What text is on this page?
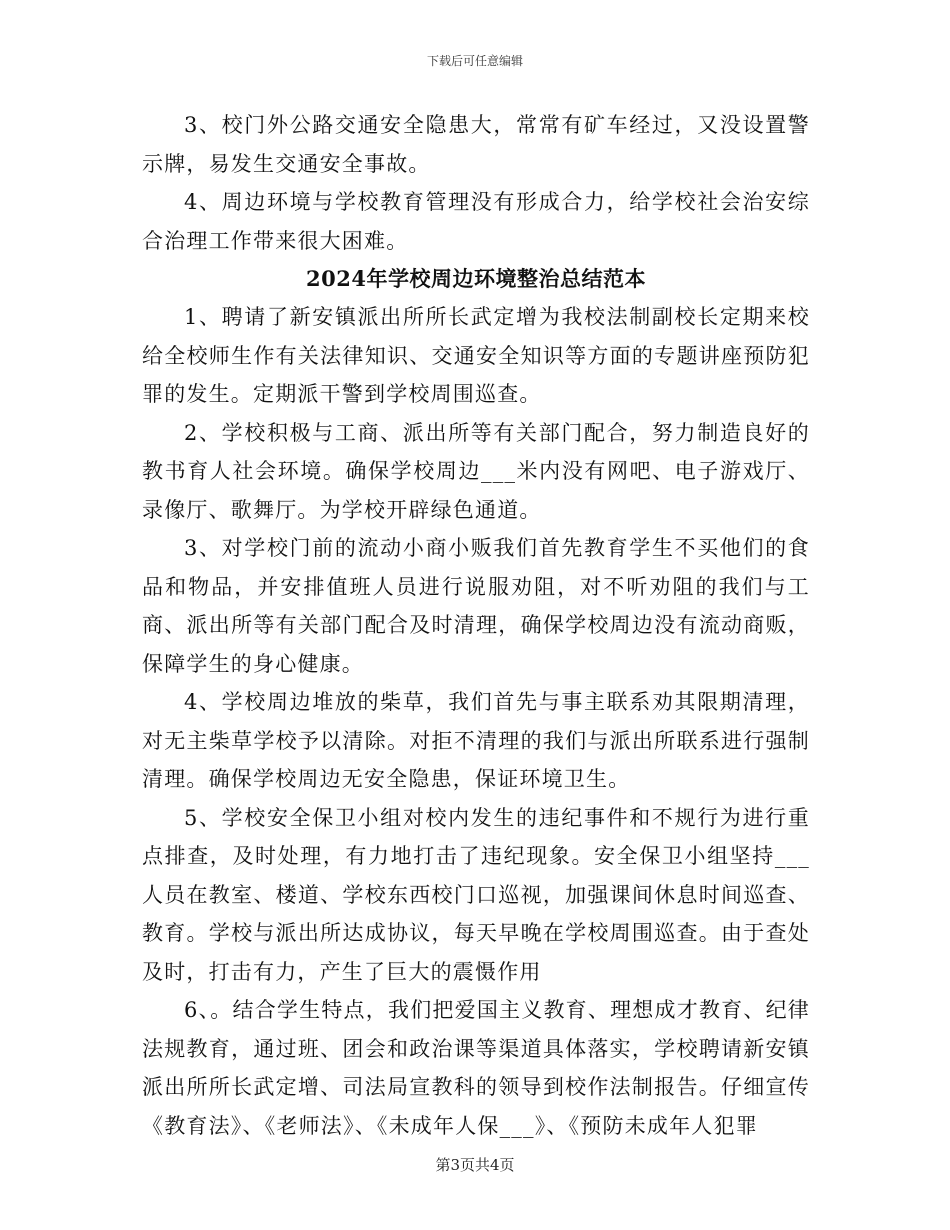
下载后可任意编辑

3、校门外公路交通安全隐患大，常常有矿车经过，又没设置警示牌，易发生交通安全事故。

4、周边环境与学校教育管理没有形成合力，给学校社会治安综合治理工作带来很大困难。

2024年学校周边环境整治总结范本

1、聘请了新安镇派出所所长武定增为我校法制副校长定期来校给全校师生作有关法律知识、交通安全知识等方面的专题讲座预防犯罪的发生。定期派干警到学校周围巡查。

2、学校积极与工商、派出所等有关部门配合，努力制造良好的教书育人社会环境。确保学校周边___米内没有网吧、电子游戏厅、录像厅、歌舞厅。为学校开辟绿色通道。

3、对学校门前的流动小商小贩我们首先教育学生不买他们的食品和物品，并安排值班人员进行说服劝阻，对不听劝阻的我们与工商、派出所等有关部门配合及时清理，确保学校周边没有流动商贩，保障学生的身心健康。

4、学校周边堆放的柴草，我们首先与事主联系劝其限期清理，对无主柴草学校予以清除。对拒不清理的我们与派出所联系进行强制清理。确保学校周边无安全隐患，保证环境卫生。

5、学校安全保卫小组对校内发生的违纪事件和不规行为进行重点排查，及时处理，有力地打击了违纪现象。安全保卫小组坚持___人员在教室、楼道、学校东西校门口巡视，加强课间休息时间巡查、教育。学校与派出所达成协议，每天早晚在学校周围巡查。由于查处及时，打击有力，产生了巨大的震慑作用

6、。结合学生特点，我们把爱国主义教育、理想成才教育、纪律法规教育，通过班、团会和政治课等渠道具体落实，学校聘请新安镇派出所所长武定增、司法局宣教科的领导到校作法制报告。仔细宣传《教育法》、《老师法》、《未成年人保___》、《预防未成年人犯罪

第3页共4页
